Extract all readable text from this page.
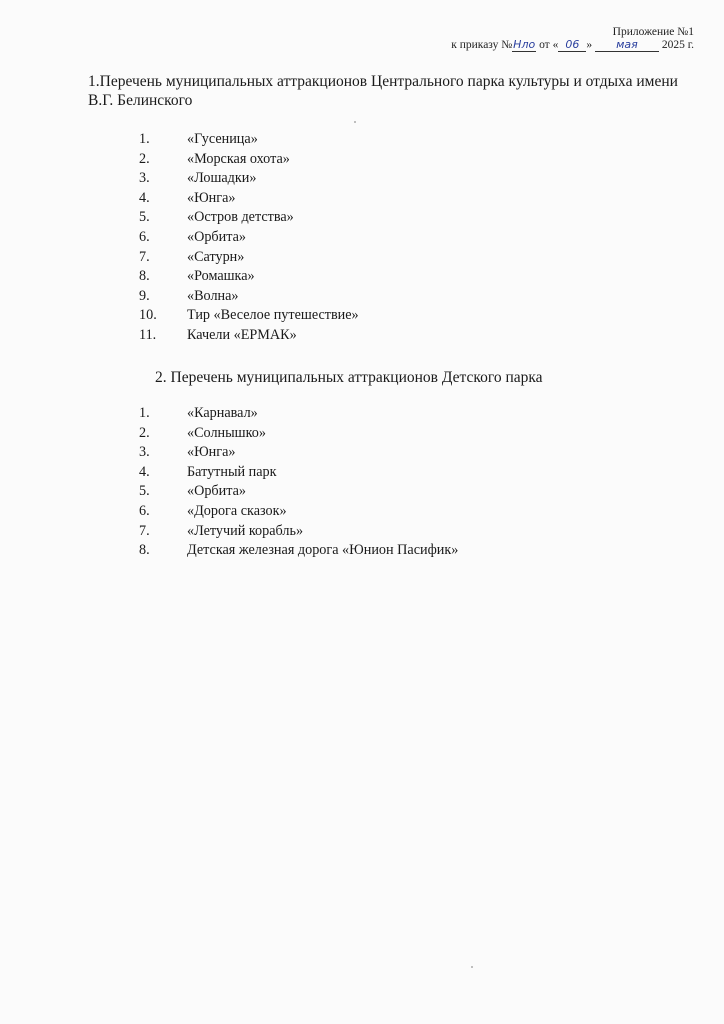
Приложение №1
к приказу №Нло от « 06 » мая 2025 г.
1.Перечень муниципальных аттракционов Центрального парка культуры и отдыха имени В.Г. Белинского
1.	«Гусеница»
2.	«Морская охота»
3.	«Лошадки»
4.	«Юнга»
5.	«Остров детства»
6.	«Орбита»
7.	«Сатурн»
8.	«Ромашка»
9.	«Волна»
10.	Тир «Веселое путешествие»
11.	Качели «ЕРМАК»
2. Перечень муниципальных аттракционов Детского парка
1.	«Карнавал»
2.	«Солнышко»
3.	«Юнга»
4.	Батутный парк
5.	«Орбита»
6.	«Дорога сказок»
7.	«Летучий корабль»
8.	Детская железная дорога «Юнион Пасифик»
